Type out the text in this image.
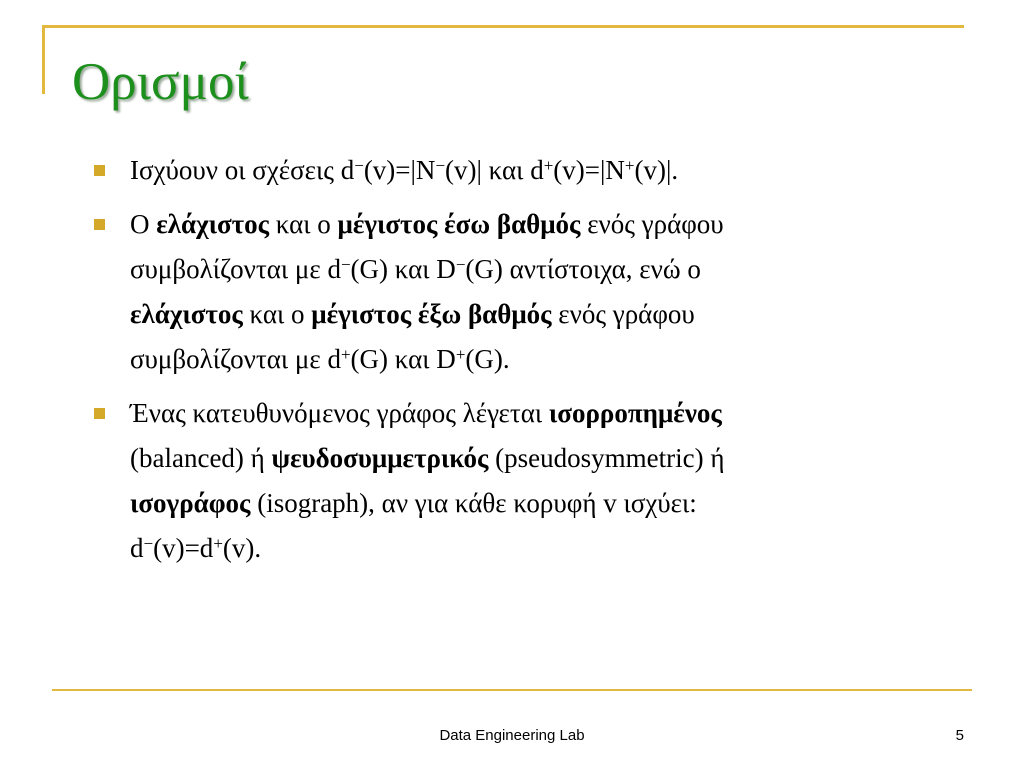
Ορισμοί
Ισχύουν οι σχέσεις d−(v)=|N−(v)| και d+(v)=|N+(v)|.
Ο ελάχιστος και ο μέγιστος έσω βαθμός ενός γράφου
συμβολίζονται με d−(G) και D−(G) αντίστοιχα, ενώ ο
ελάχιστος και ο μέγιστος έξω βαθμός ενός γράφου
συμβολίζονται με d+(G) και D+(G).
Ένας κατευθυνόμενος γράφος λέγεται ισορροπημένος
(balanced) ή ψευδοσυμμετρικός (pseudosymmetric) ή
ισογράφος (isograph), αν για κάθε κορυφή v ισχύει:
d−(v)=d+(v).
Data Engineering Lab	5
